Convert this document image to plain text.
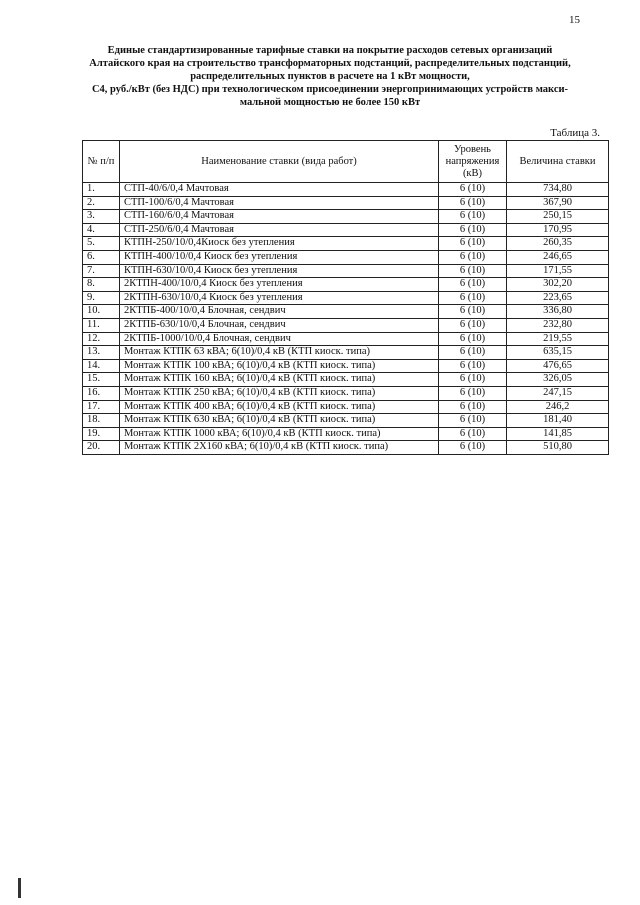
15
Единые стандартизированные тарифные ставки на покрытие расходов сетевых организаций
Алтайского края на строительство трансформаторных подстанций, распределительных подстанций,
распределительных пунктов в расчете на 1 кВт мощности,
С4, руб./кВт (без НДС) при технологическом присоединении энергопринимающих устройств макси-
мальной мощностью не более 150 кВт
Таблица 3.
№ п/п	Наименование ставки (вида работ)	Уровень напряжения (кВ)	Величина ставки
1.	СТП-40/6/0,4 Мачтовая	6 (10)	734,80
2.	СТП-100/6/0,4 Мачтовая	6 (10)	367,90
3.	СТП-160/6/0,4 Мачтовая	6 (10)	250,15
4.	СТП-250/6/0,4 Мачтовая	6 (10)	170,95
5.	КТПН-250/10/0,4Киоск без утепления	6 (10)	260,35
6.	КТПН-400/10/0,4 Киоск без утепления	6 (10)	246,65
7.	КТПН-630/10/0,4 Киоск без утепления	6 (10)	171,55
8.	2КТПН-400/10/0,4 Киоск без утепления	6 (10)	302,20
9.	2КТПН-630/10/0,4 Киоск без утепления	6 (10)	223,65
10.	2КТПБ-400/10/0,4 Блочная, сендвич	6 (10)	336,80
11.	2КТПБ-630/10/0,4 Блочная, сендвич	6 (10)	232,80
12.	2КТПБ-1000/10/0,4 Блочная, сендвич	6 (10)	219,55
13.	Монтаж КТПК 63 кВА; 6(10)/0,4 кВ (КТП киоск. типа)	6 (10)	635,15
14.	Монтаж КТПК 100 кВА; 6(10)/0,4 кВ (КТП киоск. типа)	6 (10)	476,65
15.	Монтаж КТПК 160 кВА; 6(10)/0,4 кВ (КТП киоск. типа)	6 (10)	326,05
16.	Монтаж КТПК 250 кВА; 6(10)/0,4 кВ (КТП киоск. типа)	6 (10)	247,15
17.	Монтаж КТПК 400 кВА; 6(10)/0,4 кВ (КТП киоск. типа)	6 (10)	246,2
18.	Монтаж КТПК 630 кВА; 6(10)/0,4 кВ (КТП киоск. типа)	6 (10)	181,40
19.	Монтаж КТПК 1000 кВА; 6(10)/0,4 кВ (КТП киоск. типа)	6 (10)	141,85
20.	Монтаж КТПК 2Х160 кВА; 6(10)/0,4 кВ (КТП киоск. типа)	6 (10)	510,80
